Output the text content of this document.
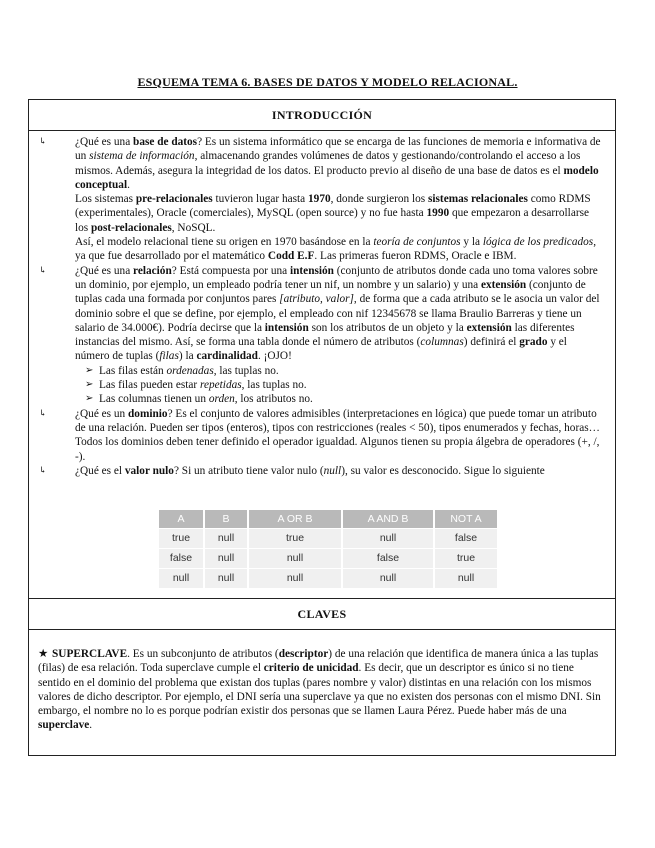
ESQUEMA TEMA 6. BASES DE DATOS Y MODELO RELACIONAL.
INTRODUCCIÓN
↳	¿Qué es una base de datos? Es un sistema informático que se encarga de las funciones de memoria e informativa de un sistema de información, almacenando grandes volúmenes de datos y gestionando/controlando el acceso a los mismos. Además, asegura la integridad de los datos. El producto previo al diseño de una base de datos es el modelo conceptual.

Los sistemas pre-relacionales tuvieron lugar hasta 1970, donde surgieron los sistemas relacionales como RDMS (experimentales), Oracle (comerciales), MySQL (open source) y no fue hasta 1990 que empezaron a desarrollarse los post-relacionales, NoSQL.

Así, el modelo relacional tiene su origen en 1970 basándose en la teoría de conjuntos y la lógica de los predicados, ya que fue desarrollado por el matemático Codd E.F. Las primeras fueron RDMS, Oracle e IBM.

↳	¿Qué es una relación? Está compuesta por una intensión (conjunto de atributos donde cada uno toma valores sobre un dominio, por ejemplo, un empleado podría tener un nif, un nombre y un salario) y una extensión (conjunto de tuplas cada una formada por conjuntos pares [atributo, valor], de forma que a cada atributo se le asocia un valor del dominio sobre el que se define, por ejemplo, el empleado con nif 12345678 se llama Braulio Barreras y tiene un salario de 34.000€). Podría decirse que la intensión son los atributos de un objeto y la extensión las diferentes instancias del mismo. Así, se forma una tabla donde el número de atributos (columnas) definirá el grado y el número de tuplas (filas) la cardinalidad. ¡OJO!

➢ Las filas están ordenadas, las tuplas no.
➢ Las filas pueden estar repetidas, las tuplas no.
➢ Las columnas tienen un orden, los atributos no.
↳	¿Qué es un dominio? Es el conjunto de valores admisibles (interpretaciones en lógica) que puede tomar un atributo de una relación. Pueden ser tipos (enteros), tipos con restricciones (reales < 50), tipos enumerados y fechas, horas… Todos los dominios deben tener definido el operador igualdad. Algunos tienen su propia álgebra de operadores (+, /, -).

↳	¿Qué es el valor nulo? Si un atributo tiene valor nulo (null), su valor es desconocido. Sigue lo siguiente

A	B	A OR B	A AND B	NOT A
true	null	true	null	false
false	null	null	false	true
null	null	null	null	null
CLAVES

★ SUPERCLAVE. Es un subconjunto de atributos (descriptor) de una relación que identifica de manera única a las tuplas (filas) de esa relación. Toda superclave cumple el criterio de unicidad. Es decir, que un descriptor es único si no tiene sentido en el dominio del problema que existan dos tuplas (pares nombre y valor) distintas en una relación con los mismos valores de dicho descriptor. Por ejemplo, el DNI sería una superclave ya que no existen dos personas con el mismo DNI. Sin embargo, el nombre no lo es porque podrían existir dos personas que se llamen Laura Pérez. Puede haber más de una superclave.
